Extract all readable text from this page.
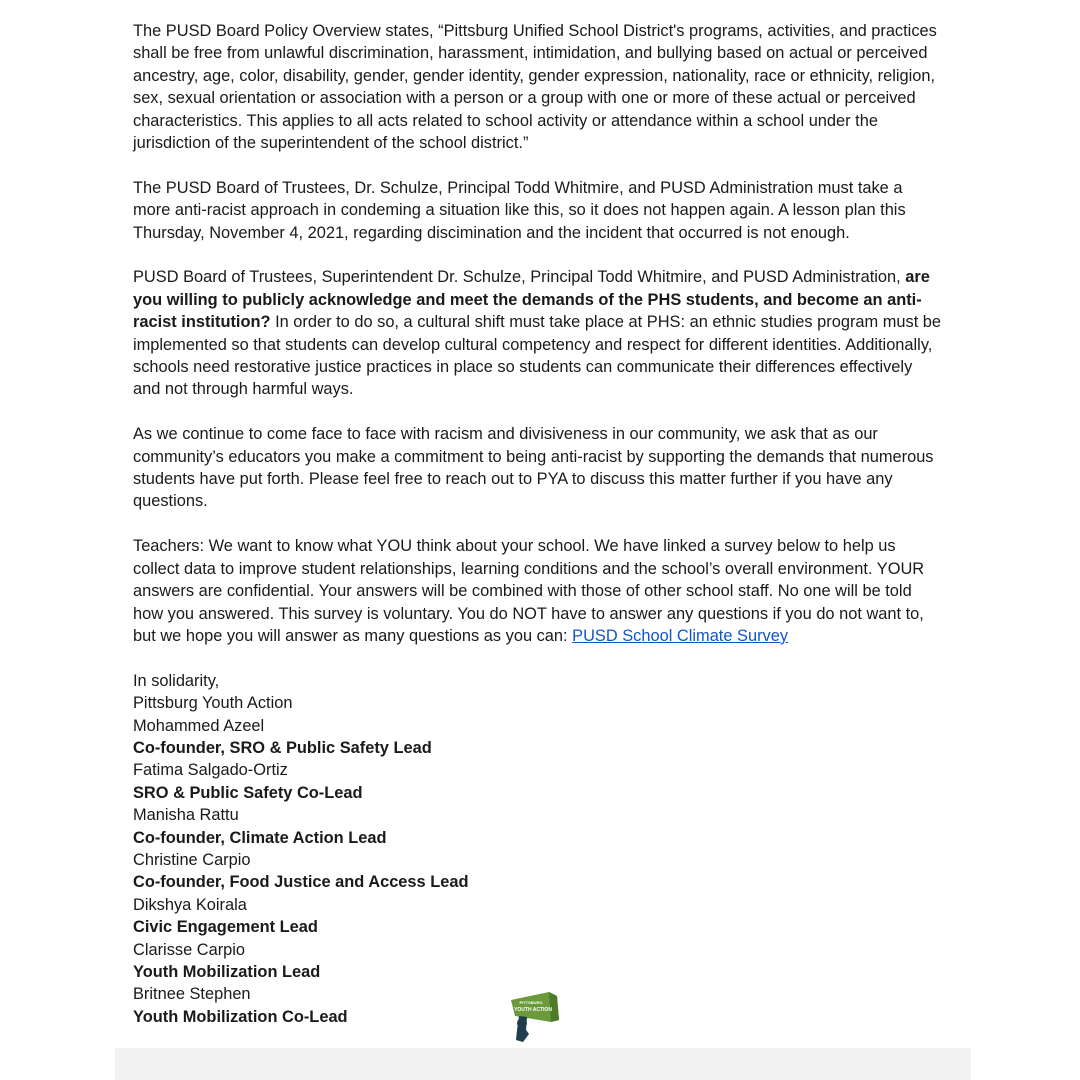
The PUSD Board Policy Overview states, “Pittsburg Unified School District's programs, activities, and practices shall be free from unlawful discrimination, harassment, intimidation, and bullying based on actual or perceived ancestry, age, color, disability, gender, gender identity, gender expression, nationality, race or ethnicity, religion, sex, sexual orientation or association with a person or a group with one or more of these actual or perceived characteristics. This applies to all acts related to school activity or attendance within a school under the jurisdiction of the superintendent of the school district.”

The PUSD Board of Trustees, Dr. Schulze, Principal Todd Whitmire, and PUSD Administration must take a more anti-racist approach in condeming a situation like this, so it does not happen again. A lesson plan this Thursday, November 4, 2021, regarding discimination and the incident that occurred is not enough.

PUSD Board of Trustees, Superintendent Dr. Schulze, Principal Todd Whitmire, and PUSD Administration, are you willing to publicly acknowledge and meet the demands of the PHS students, and become an anti-racist institution? In order to do so, a cultural shift must take place at PHS: an ethnic studies program must be implemented so that students can develop cultural competency and respect for different identities. Additionally, schools need restorative justice practices in place so students can communicate their differences effectively and not through harmful ways.

As we continue to come face to face with racism and divisiveness in our community, we ask that as our community’s educators you make a commitment to being anti-racist by supporting the demands that numerous students have put forth. Please feel free to reach out to PYA to discuss this matter further if you have any questions.

Teachers: We want to know what YOU think about your school. We have linked a survey below to help us collect data to improve student relationships, learning conditions and the school’s overall environment. YOUR answers are confidential. Your answers will be combined with those of other school staff. No one will be told how you answered. This survey is voluntary. You do NOT have to answer any questions if you do not want to, but we hope you will answer as many questions as you can: PUSD School Climate Survey

In solidarity,
Pittsburg Youth Action
Mohammed Azeel
Co-founder, SRO & Public Safety Lead
Fatima Salgado-Ortiz
SRO & Public Safety Co-Lead
Manisha Rattu
Co-founder, Climate Action Lead
Christine Carpio
Co-founder, Food Justice and Access Lead
Dikshya Koirala
Civic Engagement Lead
Clarisse Carpio
Youth Mobilization Lead
Britnee Stephen
Youth Mobilization Co-Lead
PITTSBURG
YOUTH ACTION
